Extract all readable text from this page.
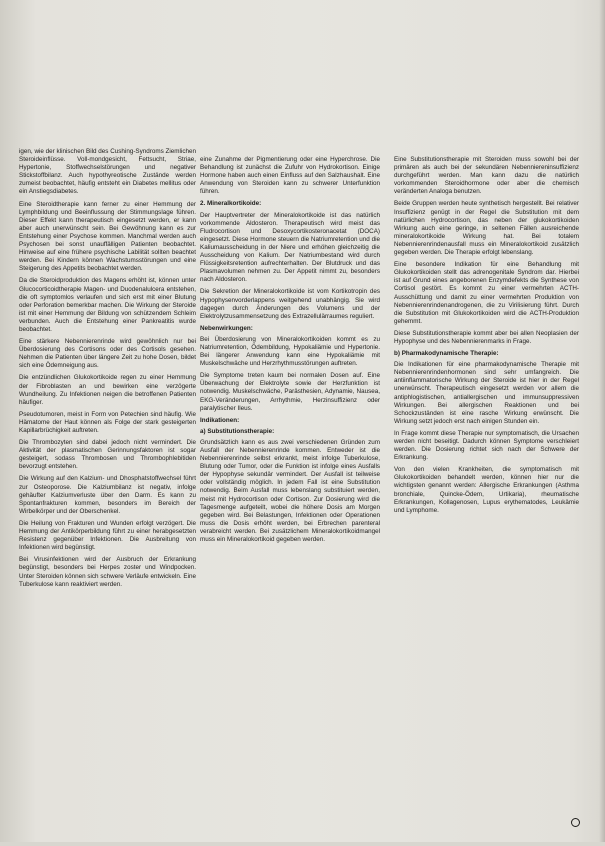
igen, wie der klinischen Bild des Cushing-Syndroms Ziemlichen Steroideinflüsse. Voll-mondgesicht, Fettsucht, Striae, Hypertonie, Stoffwechselstörungen und negativer Stickstoffbilanz. Auch hypothyreotische Zustände werden zumeist beobachtet, häufig entsteht ein Diabetes mellitus oder ein Anstiegsdiabetes.

Eine Steroidtherapie kann ferner zu einer Hemmung der Lymphbildung und Beeinflussung der Stimmungslage führen. Dieser Effekt kann therapeutisch eingesetzt werden, er kann aber auch unerwünscht sein. Bei Gewöhnung kann es zur Entstehung einer Psychose kommen. Manchmal werden auch Psychosen bei sonst unauffälligen Patienten beobachtet. Hinweise auf eine frühere psychische Labilität sollten beachtet werden. Bei Kindern können Wachstumsstörungen und eine Steigerung des Appetits beobachtet werden.

Da die Steroidproduktion des Magens erhöht ist, können unter Glucocorticoidtherapie Magen- und Duodenalulcera entstehen, die oft symptomlos verlaufen und sich erst mit einer Blutung oder Perforation bemerkbar machen. Die Wirkung der Steroide ist mit einer Hemmung der Bildung von schützendem Schleim verbunden. Auch die Entstehung einer Pankreatitis wurde beobachtet.

Eine stärkere Nebennierenrinde wird gewöhnlich nur bei Überdosierung des Cortisons oder des Cortisols gesehen. Nehmen die Patienten über längere Zeit zu hohe Dosen, bildet sich eine Ödemneigung aus.

Die entzündlichen Glukokortikoide regen zu einer Hemmung der Fibroblasten an und bewirken eine verzögerte Wundheilung. Zu Infektionen neigen die betroffenen Patienten häufiger.

Pseudotumoren, meist in Form von Petechien sind häufig. Wie Hämatome der Haut können als Folge der stark gesteigerten Kapillarbrüchigkeit auftreten.

Die Thrombozyten sind dabei jedoch nicht vermindert. Die Aktivität der plasmatischen Gerinnungsfaktoren ist sogar gesteigert, sodass Thrombosen und Thrombophlebitiden bevorzugt entstehen.

Die Wirkung auf den Kalzium- und Dhosphatstoffwechsel führt zur Osteoporose. Die Kalziumbilanz ist negativ, infolge gehäufter Kalziumverluste über den Darm. Es kann zu Spontanfrakturen kommen, besonders im Bereich der Wirbelkörper und der Oberschenkel.

Die Heilung von Frakturen und Wunden erfolgt verzögert. Die Hemmung der Antikörperbildung führt zu einer herabgesetzten Resistenz gegenüber Infektionen. Die Ausbreitung von Infektionen wird begünstigt.

Bei Virusinfektionen wird der Ausbruch der Erkrankung begünstigt, besonders bei Herpes zoster und Windpocken. Unter Steroiden können sich schwere Verläufe entwickeln. Eine Tuberkulose kann reaktiviert werden.

eine Zunahme der Pigmentierung oder eine Hyperchrose. Die Behandlung ist zunächst die Zufuhr von Hydrokortison. Einige Hormone haben auch einen Einfluss auf den Salzhaushalt. Eine Anwendung von Steroiden kann zu schwerer Unterfunktion führen.

2. Mineralkortikoide:

Der Hauptvertreter der Mineralokortikoide ist das natürlich vorkommende Aldosteron. Therapeutisch wird meist das Fludrocortison und Desoxycortikosteronacetat (DOCA) eingesetzt. Diese Hormone steuern die Natriumretention und die Kaliumausscheidung in der Niere und erhöhen gleichzeitig die Ausscheidung von Kalium. Der Natriumbestand wird durch Flüssigkeitsretention aufrechterhalten. Der Blutdruck und das Plasmavolumen nehmen zu. Der Appetit nimmt zu, besonders nach Aldosteron.

Die Sekretion der Mineralokortikoide ist vom Kortikotropin des Hypophysenvorderlappens weitgehend unabhängig. Sie wird dagegen durch Änderungen des Volumens und der Elektrolytzusammensetzung des Extrazellulärraumes reguliert.

Nebenwirkungen:

Bei Überdosierung von Mineralokortikoiden kommt es zu Natriumretention, Ödembildung, Hypokaliämie und Hypertonie. Bei längerer Anwendung kann eine Hypokaliämie mit Muskelschwäche und Herzrhythmusstörungen auftreten.

Die Symptome treten kaum bei normalen Dosen auf. Eine Überwachung der Elektrolyte sowie der Herzfunktion ist notwendig. Muskelschwäche, Parästhesien, Adynamie, Nausea, EKG-Veränderungen, Arrhythmie, Herzinsuffizienz oder paralytischer Ileus.

Indikationen:
a) Substitutionstherapie:

Grundsätzlich kann es aus zwei verschiedenen Gründen zum Ausfall der Nebennierenrinde kommen. Entweder ist die Nebennierenrinde selbst erkrankt, meist infolge Tuberkulose, Blutung oder Tumor, oder die Funktion ist infolge eines Ausfalls der Hypophyse sekundär vermindert. Der Ausfall ist teilweise oder vollständig möglich. In jedem Fall ist eine Substitution notwendig. Beim Ausfall muss lebenslang substituiert werden, meist mit Hydrocortison oder Cortison. Zur Dosierung wird die Tagesmenge aufgeteilt, wobei die höhere Dosis am Morgen gegeben wird. Bei Belastungen, Infektionen oder Operationen muss die Dosis erhöht werden, bei Erbrechen parenteral verabreicht werden. Bei zusätzlichem Mineralokortikoidmangel muss ein Mineralokortikoid gegeben werden.

Eine Substitutionstherapie mit Steroiden muss sowohl bei der primären als auch bei der sekundären Nebenniereninsuffizienz durchgeführt werden. Man kann dazu die natürlich vorkommenden Steroidhormone oder aber die chemisch veränderten Analoga benutzen.

Beide Gruppen werden heute synthetisch hergestellt. Bei relativer Insuffizienz genügt in der Regel die Substitution mit dem natürlichen Hydrocortison, das neben der glukokortikoiden Wirkung auch eine geringe, in seltenen Fällen ausreichende mineralokortikoide Wirkung hat. Bei totalem Nebennierenrindenausfall muss ein Mineralokortikoid zusätzlich gegeben werden. Die Therapie erfolgt lebenslang.

Eine besondere Indikation für eine Behandlung mit Glukokortikoiden stellt das adrenogenitale Syndrom dar. Hierbei ist auf Grund eines angeborenen Enzymdefekts die Synthese von Cortisol gestört. Es kommt zu einer vermehrten ACTH-Ausschüttung und damit zu einer vermehrten Produktion von Nebennierenrindenandrogenen, die zu Virilisierung führt. Durch die Substitution mit Glukokortikoiden wird die ACTH-Produktion gehemmt.

Diese Substitutionstherapie kommt aber bei allen Neoplasien der Hypophyse und des Nebennierenmarks in Frage.

b) Pharmakodynamische Therapie:

Die Indikationen für eine pharmakodynamische Therapie mit Nebennierenrindenhormonen sind sehr umfangreich. Die antiinflammatorische Wirkung der Steroide ist hier in der Regel unerwünscht. Therapeutisch eingesetzt werden vor allem die antiphlogistischen, antiallergischen und immunsuppressiven Wirkungen. Bei allergischen Reaktionen und bei Schockzuständen ist eine rasche Wirkung erwünscht. Die Wirkung setzt jedoch erst nach einigen Stunden ein.

In Frage kommt diese Therapie nur symptomatisch, die Ursachen werden nicht beseitigt. Dadurch können Symptome verschleiert werden. Die Dosierung richtet sich nach der Schwere der Erkrankung.

Von den vielen Krankheiten, die symptomatisch mit Glukokortikoiden behandelt werden, können hier nur die wichtigsten genannt werden: Allergische Erkrankungen (Asthma bronchiale, Quincke-Ödem, Urtikaria), rheumatische Erkrankungen, Kollagenosen, Lupus erythematodes, Leukämie und Lymphome.
